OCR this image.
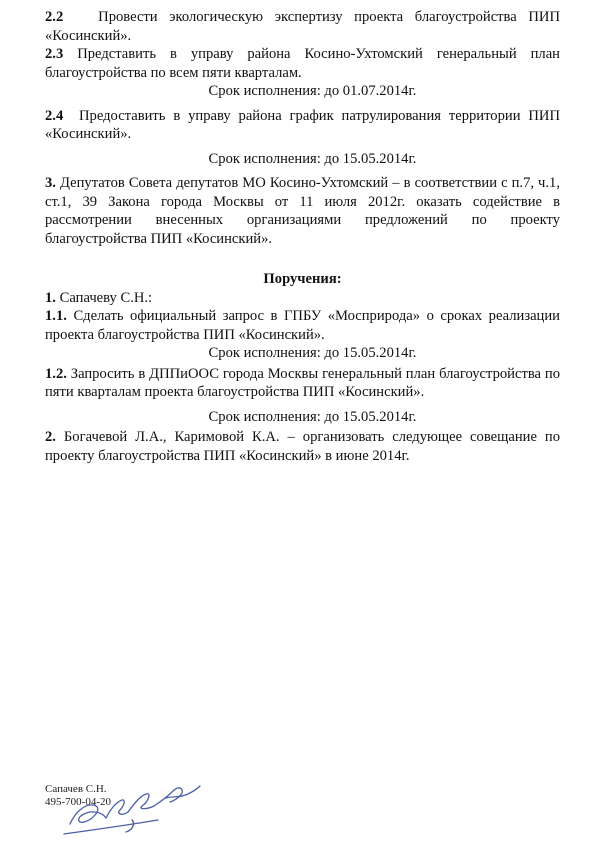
2.2 Провести экологическую экспертизу проекта благоустройства ПИП «Косинский».

2.3 Представить в управу района Косино-Ухтомский генеральный план благоустройства по всем пяти кварталам.

Срок исполнения: до 01.07.2014г.

2.4 Предоставить в управу района график патрулирования территории ПИП «Косинский».

Срок исполнения: до 15.05.2014г.

3. Депутатов Совета депутатов МО Косино-Ухтомский – в соответствии с п.7, ч.1, ст.1, 39 Закона города Москвы от 11 июля 2012г. оказать содействие в рассмотрении внесенных организациями предложений по проекту благоустройства ПИП «Косинский».

Поручения:

1. Сапачеву С.Н.:

1.1. Сделать официальный запрос в ГПБУ «Мосприрода» о сроках реализации проекта благоустройства ПИП «Косинский».

Срок исполнения: до 15.05.2014г.

1.2. Запросить в ДППиООС города Москвы генеральный план благоустройства по пяти кварталам проекта благоустройства ПИП «Косинский».

Срок исполнения: до 15.05.2014г.

2. Богачевой Л.А., Каримовой К.А. – организовать следующее совещание по проекту благоустройства ПИП «Косинский» в июне 2014г.

Сапачев С.Н.
495-700-04-20
